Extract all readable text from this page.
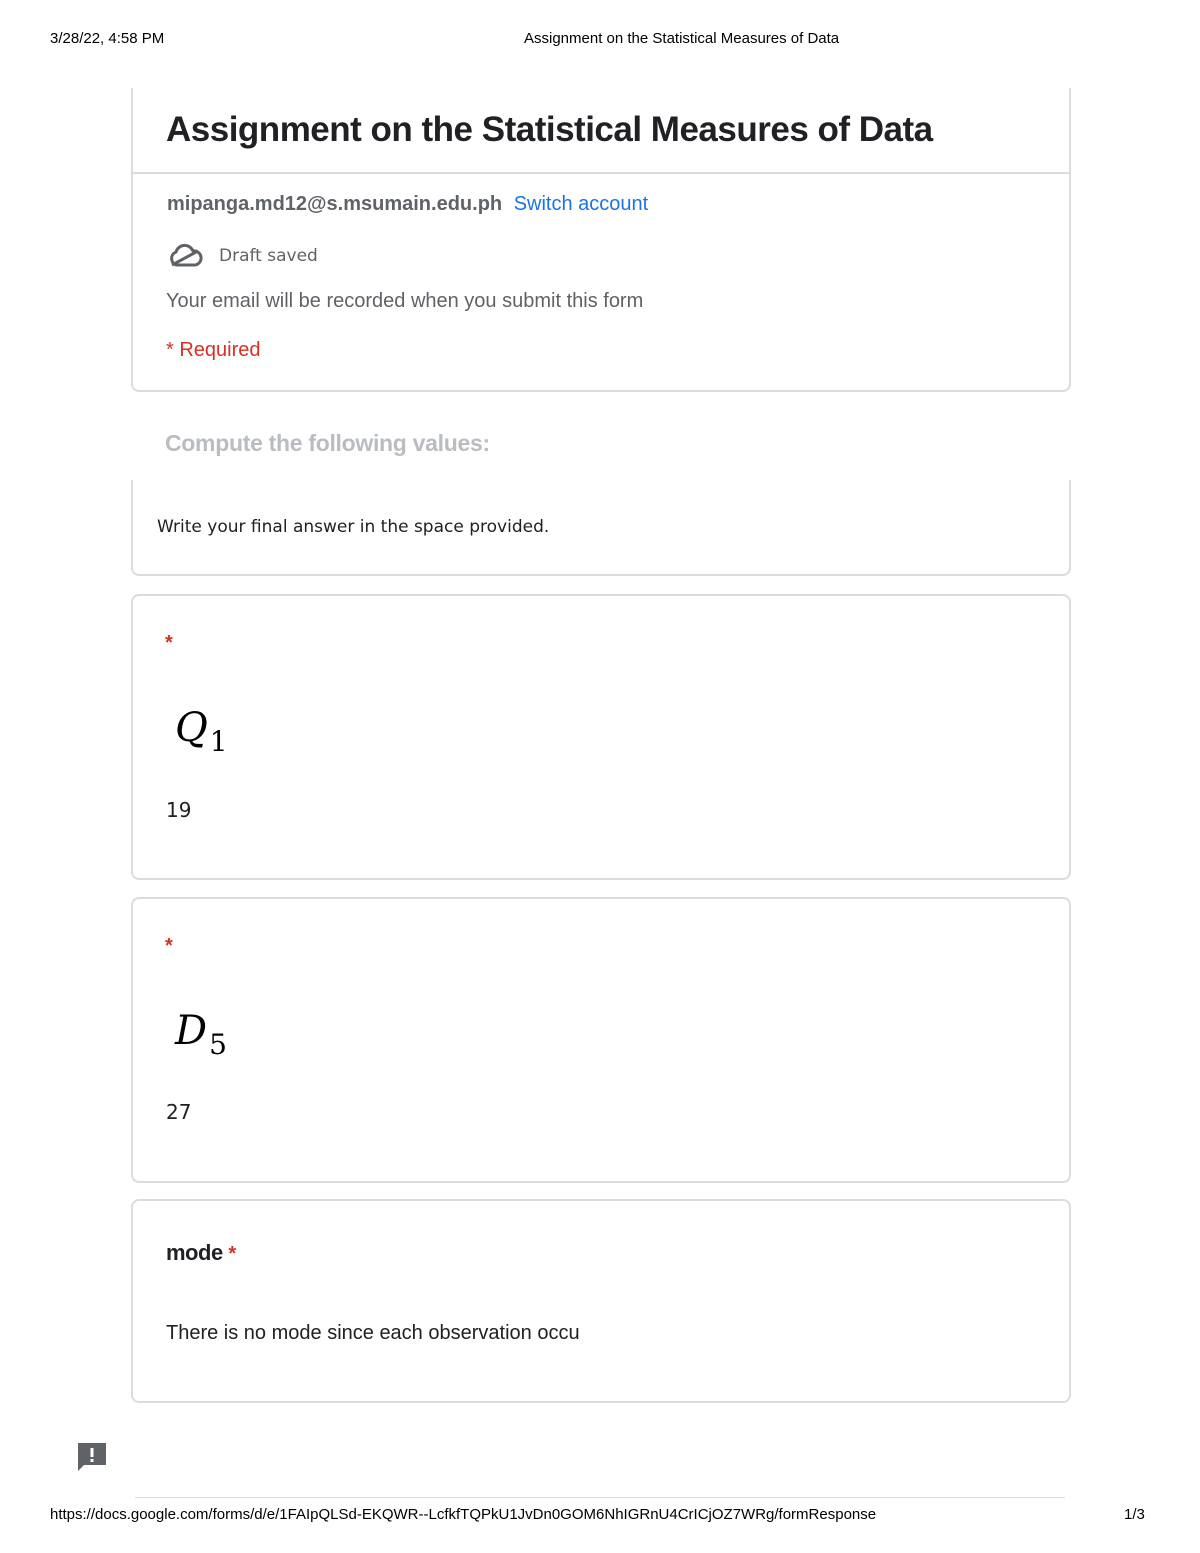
3/28/22, 4:58 PM	Assignment on the Statistical Measures of Data
Assignment on the Statistical Measures of Data
mipanga.md12@s.msumain.edu.ph Switch account
Draft saved
Your email will be recorded when you submit this form
* Required
Compute the following values:
Write your final answer in the space provided.
*
$Q_1$
19
*
$D_5$
27
mode *
There is no mode since each observation occu
https://docs.google.com/forms/d/e/1FAIpQLSd-EKQWR--LcfkfTQPkU1JvDn0GOM6NhIGRnU4CrICjOZ7WRg/formResponse	1/3
